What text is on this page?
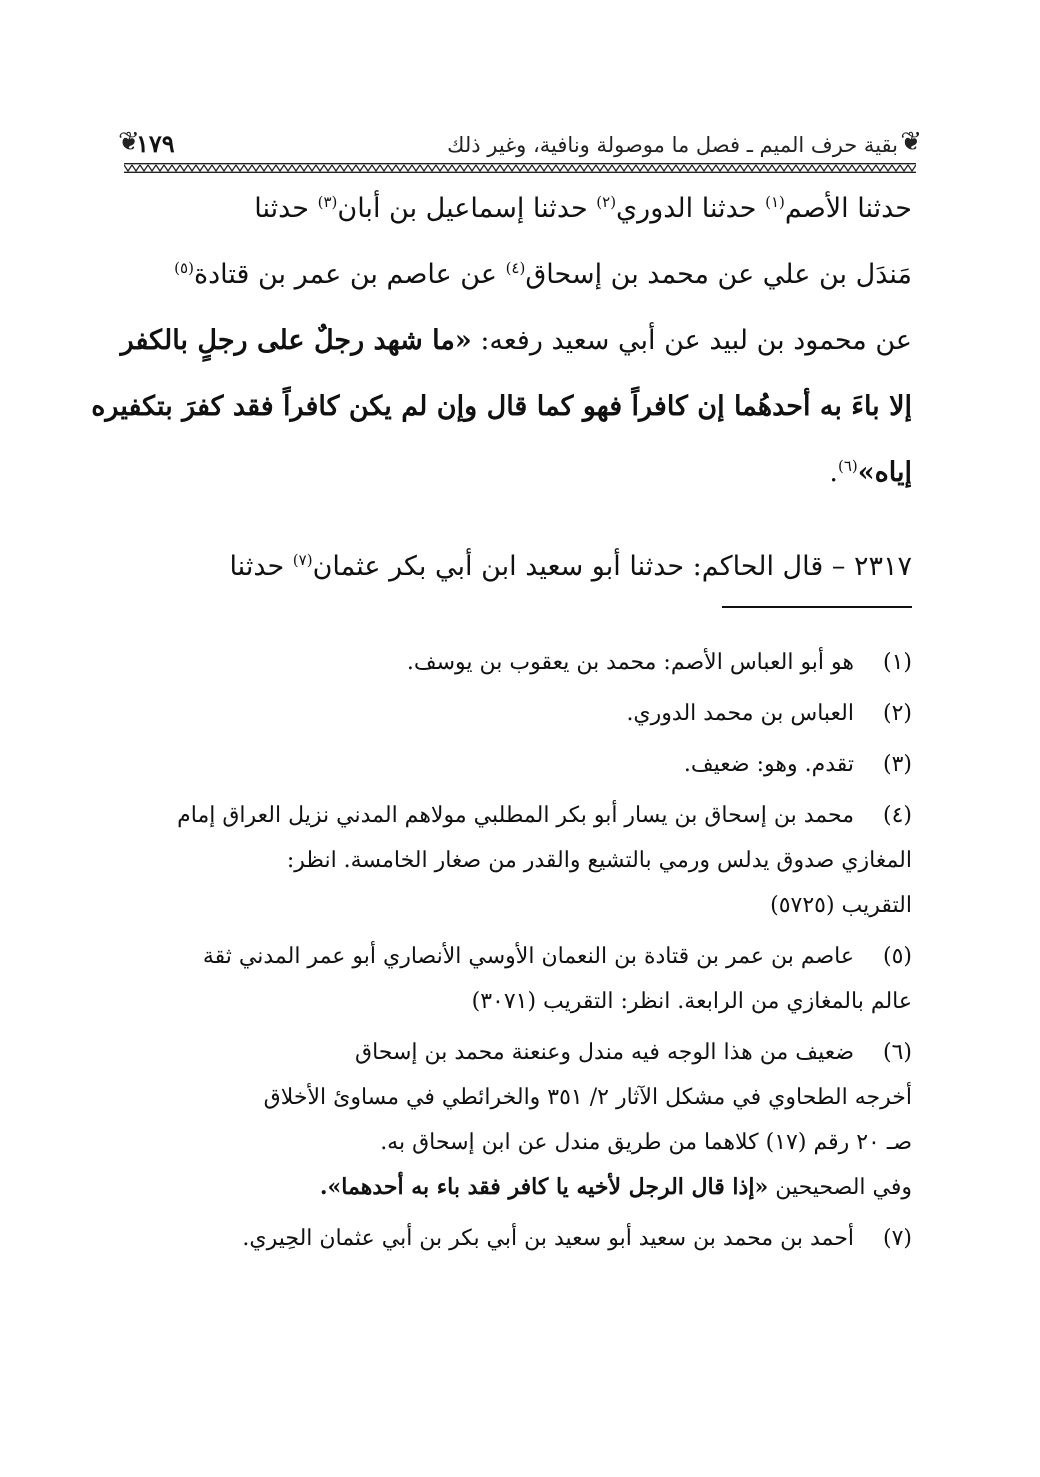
❦
بقية حرف الميم ـ فصل ما موصولة ونافية، وغير ذلك
١٧٩
❦
حدثنا الأصم$^{(١)}$ حدثنا الدوري$^{(٢)}$ حدثنا إسماعيل بن أبان$^{(٣)}$ حدثنا
مَندَل بن علي عن محمد بن إسحاق$^{(٤)}$ عن عاصم بن عمر بن قتادة$^{(٥)}$
عن محمود بن لبيد عن أبي سعيد رفعه: «ما شهد رجلٌ على رجلٍ بالكفر
إلا باءَ به أحدهُما إن كافراً فهو كما قال وإن لم يكن كافراً فقد كفرَ بتكفيره
إياه»$^{(٦)}$.
٢٣١٧ – قال الحاكم: حدثنا أبو سعيد ابن أبي بكر عثمان$^{(٧)}$ حدثنا
(١)هو أبو العباس الأصم: محمد بن يعقوب بن يوسف.
(٢)العباس بن محمد الدوري.
(٣)تقدم. وهو: ضعيف.
(٤)محمد بن إسحاق بن يسار أبو بكر المطلبي مولاهم المدني نزيل العراق إمام
المغازي صدوق يدلس ورمي بالتشيع والقدر من صغار الخامسة. انظر:
التقريب (٥٧٢٥)
(٥)عاصم بن عمر بن قتادة بن النعمان الأوسي الأنصاري أبو عمر المدني ثقة
عالم بالمغازي من الرابعة. انظر: التقريب (٣٠٧١)
(٦)ضعيف من هذا الوجه فيه مندل وعنعنة محمد بن إسحاق
أخرجه الطحاوي في مشكل الآثار ٢/ ٣٥١ والخرائطي في مساوئ الأخلاق
صـ ٢٠ رقم (١٧) كلاهما من طريق مندل عن ابن إسحاق به.
وفي الصحيحين «إذا قال الرجل لأخيه يا كافر فقد باء به أحدهما».
(٧)أحمد بن محمد بن سعيد أبو سعيد بن أبي بكر بن أبي عثمان الحِيري.
